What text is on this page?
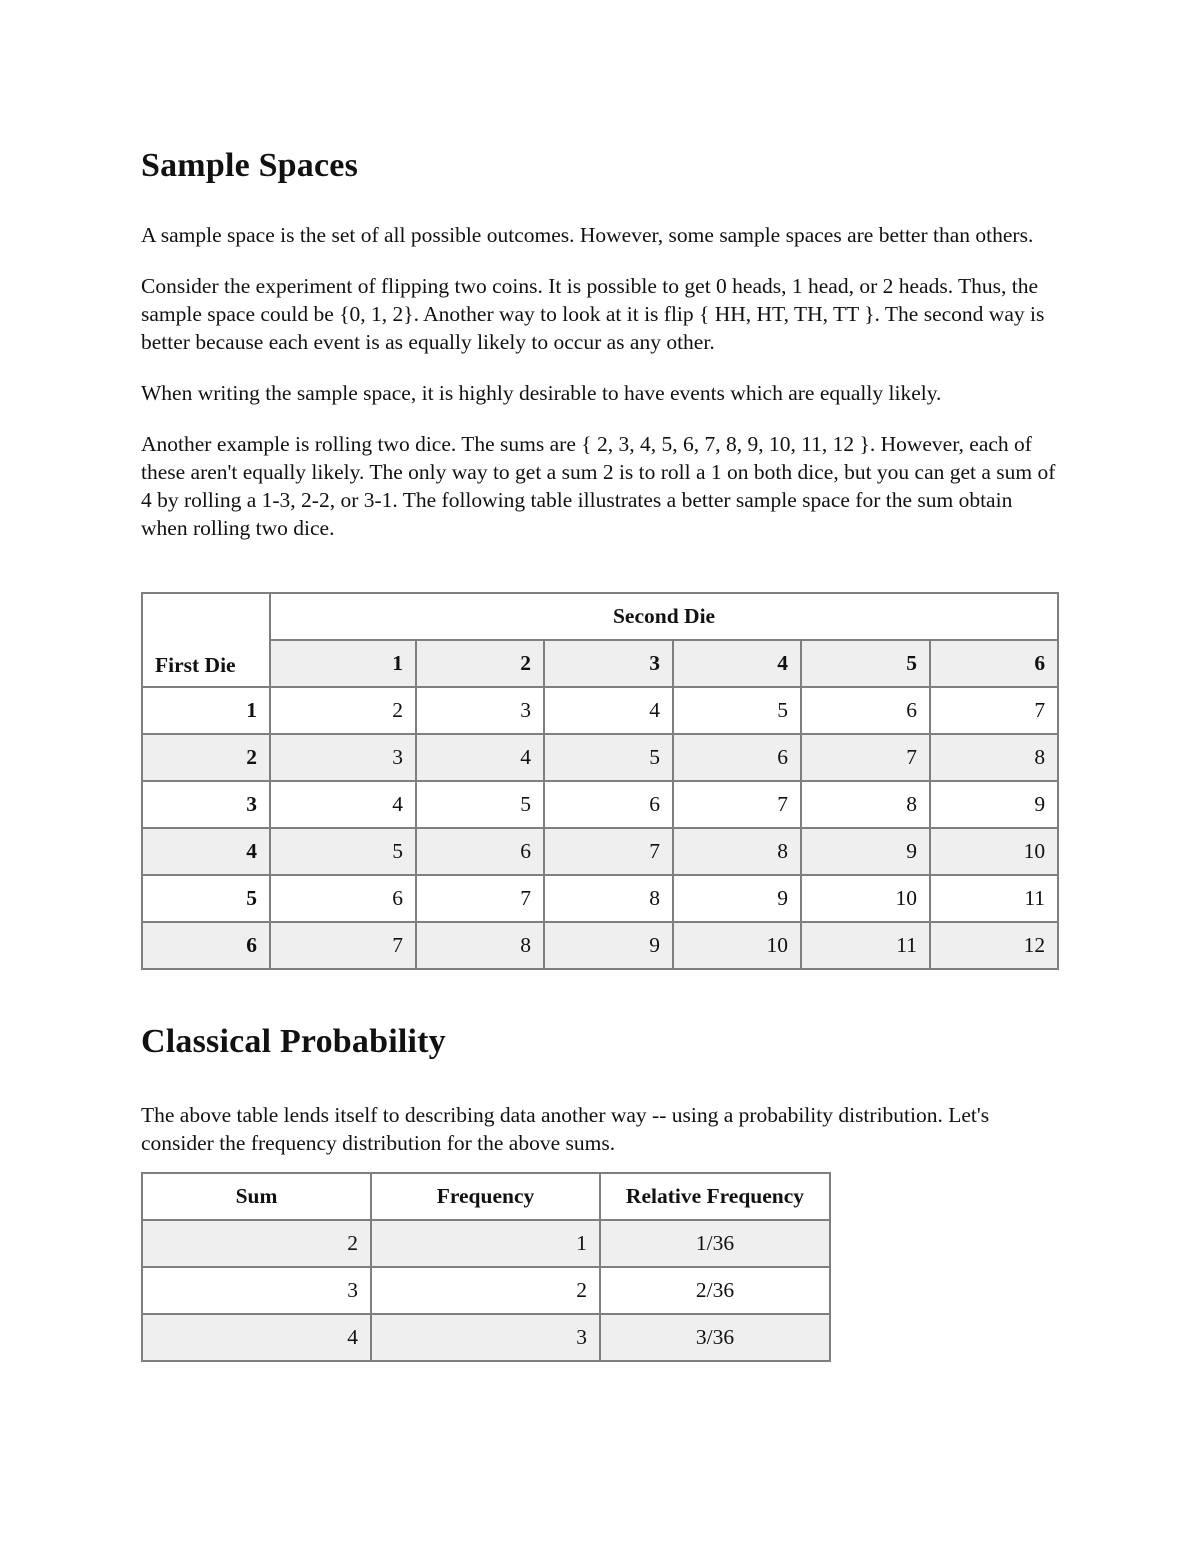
Sample Spaces

A sample space is the set of all possible outcomes. However, some sample spaces are better than others.

Consider the experiment of flipping two coins. It is possible to get 0 heads, 1 head, or 2 heads. Thus, the sample space could be {0, 1, 2}. Another way to look at it is flip { HH, HT, TH, TT }. The second way is better because each event is as equally likely to occur as any other.

When writing the sample space, it is highly desirable to have events which are equally likely.

Another example is rolling two dice. The sums are { 2, 3, 4, 5, 6, 7, 8, 9, 10, 11, 12 }. However, each of these aren't equally likely. The only way to get a sum 2 is to roll a 1 on both dice, but you can get a sum of 4 by rolling a 1-3, 2-2, or 3-1. The following table illustrates a better sample space for the sum obtain when rolling two dice.

First Die	Second Die					
	1	2	3	4	5	6
1	2	3	4	5	6	7
2	3	4	5	6	7	8
3	4	5	6	7	8	9
4	5	6	7	8	9	10
5	6	7	8	9	10	11
6	7	8	9	10	11	12
Classical Probability

The above table lends itself to describing data another way -- using a probability distribution. Let's consider the frequency distribution for the above sums.

Sum	Frequency	Relative Frequency
2	1	1/36
3	2	2/36
4	3	3/36
